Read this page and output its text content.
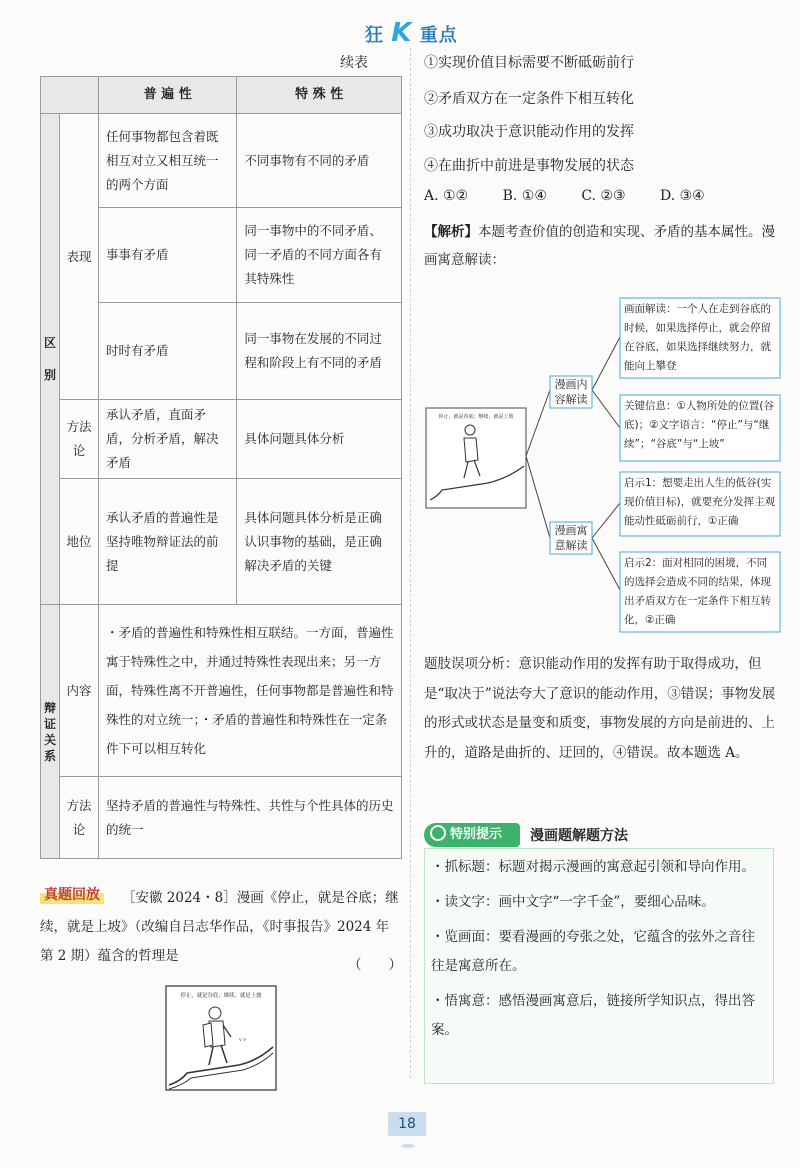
狂 K 重点
续表
		普 遍 性	特 殊 性
区

别	表现	任何事物都包含着既相互对立又相互统一的两个方面	不同事物有不同的矛盾
		事事有矛盾	同一事物中的不同矛盾、同一矛盾的不同方面各有其特殊性
		时时有矛盾	同一事物在发展的不同过程和阶段上有不同的矛盾
	方法论	承认矛盾，直面矛盾，分析矛盾，解决矛盾	具体问题具体分析
	地位	承认矛盾的普遍性是坚持唯物辩证法的前提	具体问题具体分析是正确认识事物的基础，是正确解决矛盾的关键
辩
证
关
系	内容	・矛盾的普遍性和特殊性相互联结。一方面，普遍性寓于特殊性之中，并通过特殊性表现出来；另一方面，特殊性离不开普遍性，任何事物都是普遍性和特殊性的对立统一；・矛盾的普遍性和特殊性在一定条件下可以相互转化	
	方法论	坚持矛盾的普遍性与特殊性、共性与个性具体的历史的统一	
［安徽 2024・8］漫画《停止，就是谷底；继续，就是上坡》（改编自吕志华作品，《时事报告》2024 年第 2 期）蕴含的哲理是
真题回放
（　　）
停止，就是谷底；继续，就是上坡
v v
①实现价值目标需要不断砥砺前行
②矛盾双方在一定条件下相互转化
③成功取决于意识能动作用的发挥
④在曲折中前进是事物发展的状态
A. ①② B. ①④ C. ②③ D. ③④
【解析】本题考查价值的创造和实现、矛盾的基本属性。漫画寓意解读：
停止，就是谷底；继续，就是上坡
漫画内容解读
漫画寓意解读
画面解读：一个人在走到谷底的时候，如果选择停止，就会停留在谷底，如果选择继续努力，就能向上攀登
关键信息：①人物所处的位置(谷底)；②文字语言：“停止”与“继续”；“谷底”与“上坡”
启示1：想要走出人生的低谷(实现价值目标)，就要充分发挥主观能动性砥砺前行，①正确
启示2：面对相同的困境，不同的选择会造成不同的结果，体现出矛盾双方在一定条件下相互转化，②正确
题肢误项分析：意识能动作用的发挥有助于取得成功，但是“取决于”说法夸大了意识的能动作用，③错误；事物发展的形式或状态是量变和质变，事物发展的方向是前进的、上升的，道路是曲折的、迂回的，④错误。故本题选 A。
特别提示	漫画题解题方法

・抓标题：标题对揭示漫画的寓意起引领和导向作用。

・读文字：画中文字“一字千金”，要细心品味。

・览画面：要看漫画的夸张之处，它蕴含的弦外之音往往是寓意所在。

・悟寓意：感悟漫画寓意后，链接所学知识点，得出答案。

18
